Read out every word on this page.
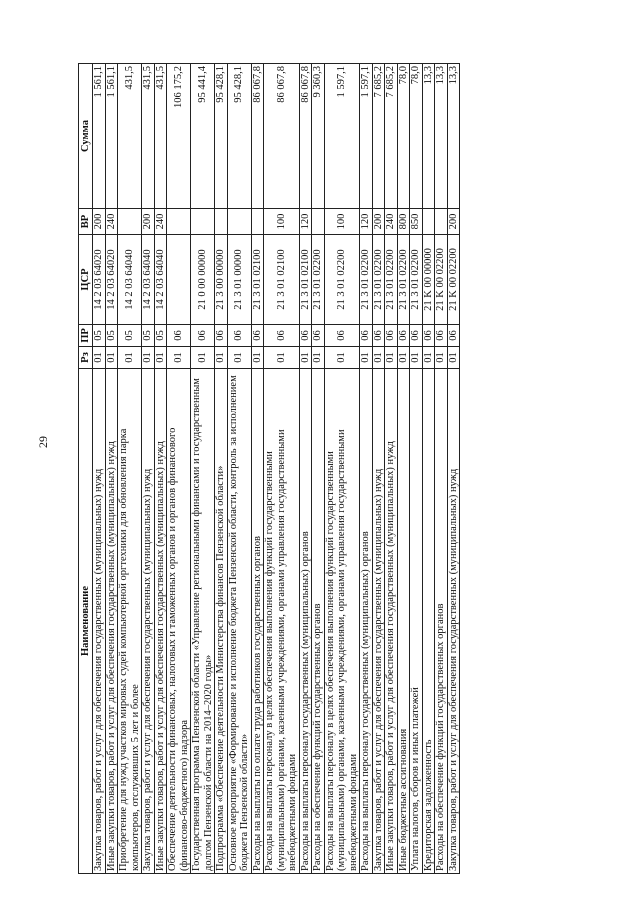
29
Наименование	Рз	ПР	ЦСР	ВР	Сумма
Закупка товаров, работ и услуг для обеспечения государственных (муниципальных) нужд	01	05	14 2 03 64020	200	1 561,1
Иные закупки товаров, работ и услуг для обеспечения государственных (муниципальных) нужд	01	05	14 2 03 64020	240	1 561,1
Приобретение для нужд участков мировых судей компьютерной оргтехники для обновления парка компьютеров, отслуживших 5 лет и более	01	05	14 2 03 64040		431,5
Закупка товаров, работ и услуг для обеспечения государственных (муниципальных) нужд	01	05	14 2 03 64040	200	431,5
Иные закупки товаров, работ и услуг для обеспечения государственных (муниципальных) нужд	01	05	14 2 03 64040	240	431,5
Обеспечение деятельности финансовых, налоговых и таможенных органов и органов финансового (финансово-бюджетного) надзора	01	06			106 175,2
Государственная программа Пензенской области «Управление региональными финансами и государственным долгом Пензенской области на 2014–2020 годы»	01	06	21 0 00 00000		95 441,4
Подпрограмма «Обеспечение деятельности Министерства финансов Пензенской области»	01	06	21 3 00 00000		95 428,1
Основное мероприятие «Формирование и исполнение бюджета Пензенской области, контроль за исполнением бюджета Пензенской области»	01	06	21 3 01 00000		95 428,1
Расходы на выплаты по оплате труда работников государственных органов	01	06	21 3 01 02100		86 067,8
Расходы на выплаты персоналу в целях обеспечения выполнения функций государственными (муниципальными) органами, казенными учреждениями, органами управления государственными внебюджетными фондами	01	06	21 3 01 02100	100	86 067,8
Расходы на выплаты персоналу государственных (муниципальных) органов	01	06	21 3 01 02100	120	86 067,8
Расходы на обеспечение функций государственных органов	01	06	21 3 01 02200		9 360,3
Расходы на выплаты персоналу в целях обеспечения выполнения функций государственными (муниципальными) органами, казенными учреждениями, органами управления государственными внебюджетными фондами	01	06	21 3 01 02200	100	1 597,1
Расходы на выплаты персоналу государственных (муниципальных) органов	01	06	21 3 01 02200	120	1 597,1
Закупка товаров, работ и услуг для обеспечения государственных (муниципальных) нужд	01	06	21 3 01 02200	200	7 685,2
Иные закупки товаров, работ и услуг для обеспечения государственных (муниципальных) нужд	01	06	21 3 01 02200	240	7 685,2
Иные бюджетные ассигнования	01	06	21 3 01 02200	800	78,0
Уплата налогов, сборов и иных платежей	01	06	21 3 01 02200	850	78,0
Кредиторская задолженность	01	06	21 K 00 00000		13,3
Расходы на обеспечение функций государственных органов	01	06	21 K 00 02200		13,3
Закупка товаров, работ и услуг для обеспечения государственных (муниципальных) нужд	01	06	21 K 00 02200	200	13,3
